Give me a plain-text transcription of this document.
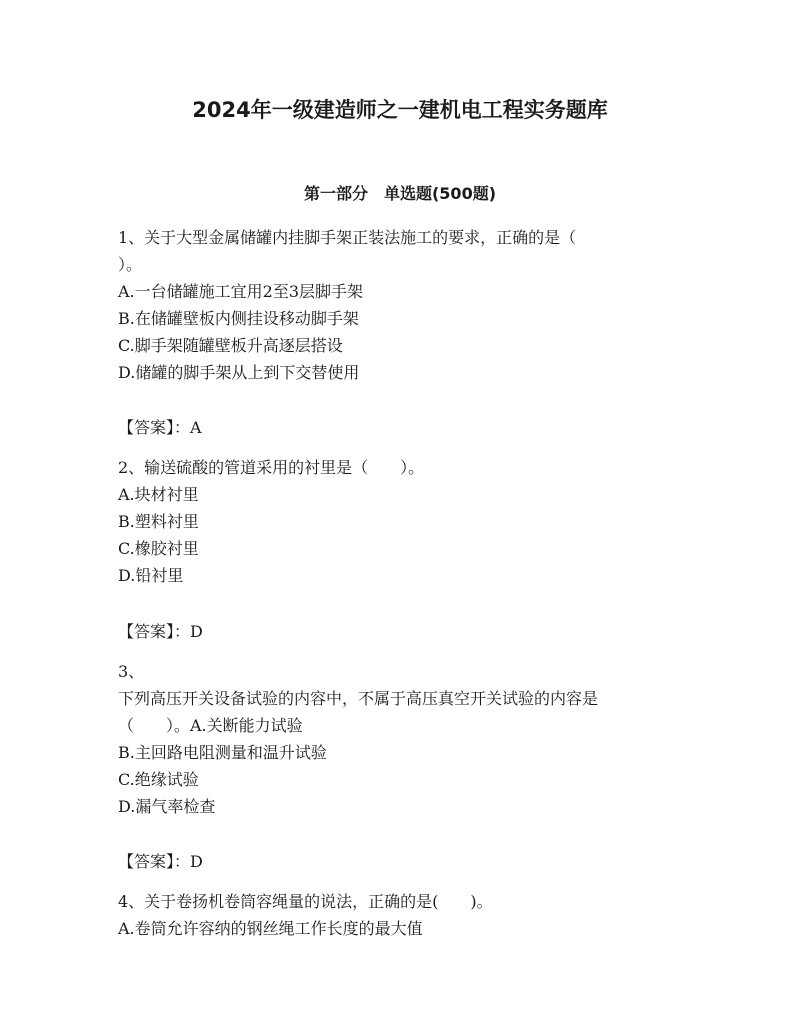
2024年一级建造师之一建机电工程实务题库
第一部分　单选题(500题)
1、关于大型金属储罐内挂脚手架正装法施工的要求，正确的是（
）。
A.一台储罐施工宜用2至3层脚手架
B.在储罐壁板内侧挂设移动脚手架
C.脚手架随罐壁板升高逐层搭设
D.储罐的脚手架从上到下交替使用
【答案】：A
2、输送硫酸的管道采用的衬里是（　　）。
A.块材衬里
B.塑料衬里
C.橡胶衬里
D.铅衬里
【答案】：D
3、
下列高压开关设备试验的内容中，不属于高压真空开关试验的内容是
（　　）。A.关断能力试验
B.主回路电阻测量和温升试验
C.绝缘试验
D.漏气率检查
【答案】：D
4、关于卷扬机卷筒容绳量的说法，正确的是(　　)。
A.卷筒允许容纳的钢丝绳工作长度的最大值
